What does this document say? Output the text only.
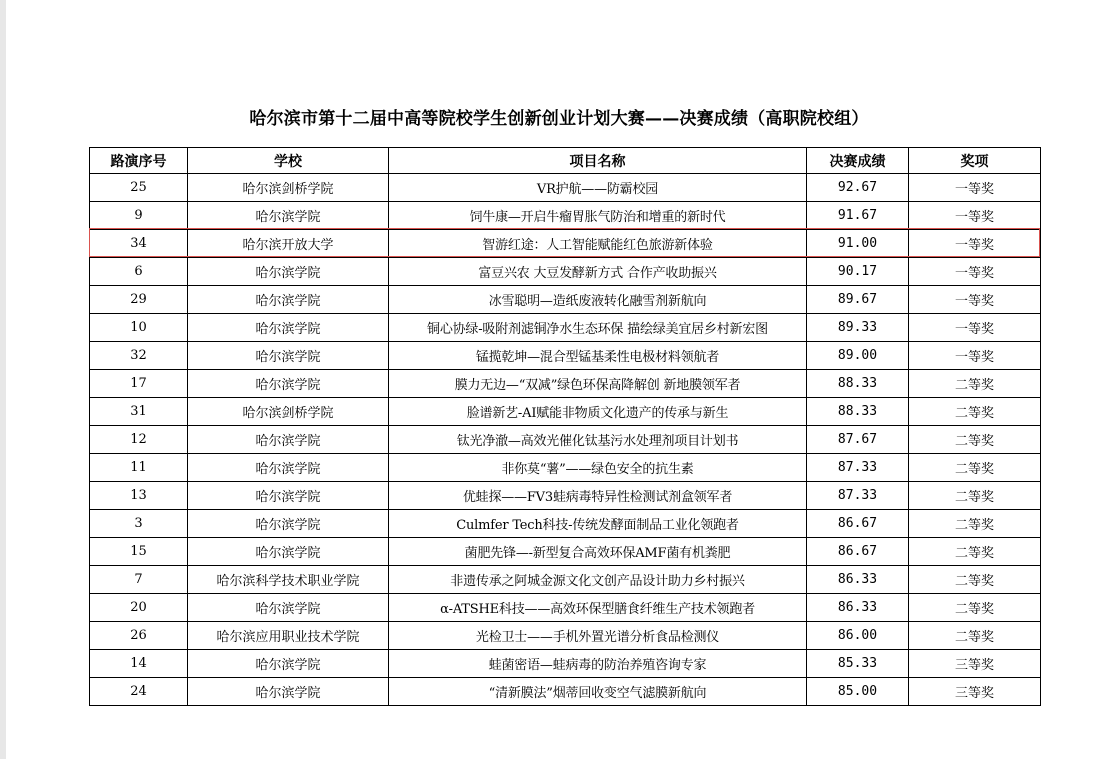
哈尔滨市第十二届中高等院校学生创新创业计划大赛——决赛成绩（高职院校组）
路演序号	学校	项目名称	决赛成绩	奖项
25	哈尔滨剑桥学院	VR护航——防霸校园	92.67	一等奖
9	哈尔滨学院	饲牛康—开启牛瘤胃胀气防治和增重的新时代	91.67	一等奖
34	哈尔滨开放大学	智游红途：人工智能赋能红色旅游新体验	91.00	一等奖
6	哈尔滨学院	富豆兴农 大豆发酵新方式 合作产收助振兴	90.17	一等奖
29	哈尔滨学院	冰雪聪明—造纸废液转化融雪剂新航向	89.67	一等奖
10	哈尔滨学院	铜心协绿-吸附剂滤铜净水生态环保 描绘绿美宜居乡村新宏图	89.33	一等奖
32	哈尔滨学院	锰揽乾坤—混合型锰基柔性电极材料领航者	89.00	一等奖
17	哈尔滨学院	膜力无边—“双减”绿色环保高降解创 新地膜领军者	88.33	二等奖
31	哈尔滨剑桥学院	脸谱新艺-AI赋能非物质文化遗产的传承与新生	88.33	二等奖
12	哈尔滨学院	钛光净澈—高效光催化钛基污水处理剂项目计划书	87.67	二等奖
11	哈尔滨学院	非你莫“薯”——绿色安全的抗生素	87.33	二等奖
13	哈尔滨学院	优蛙探——FV3蛙病毒特异性检测试剂盒领军者	87.33	二等奖
3	哈尔滨学院	Culmfer Tech科技-传统发酵面制品工业化领跑者	86.67	二等奖
15	哈尔滨学院	菌肥先锋—-新型复合高效环保AMF菌有机粪肥	86.67	二等奖
7	哈尔滨科学技术职业学院	非遗传承之阿城金源文化文创产品设计助力乡村振兴	86.33	二等奖
20	哈尔滨学院	α-ATSHE科技——高效环保型膳食纤维生产技术领跑者	86.33	二等奖
26	哈尔滨应用职业技术学院	光检卫士——手机外置光谱分析食品检测仪	86.00	二等奖
14	哈尔滨学院	蛙菌密语—蛙病毒的防治养殖咨询专家	85.33	三等奖
24	哈尔滨学院	“清新膜法”烟蒂回收变空气滤膜新航向	85.00	三等奖
